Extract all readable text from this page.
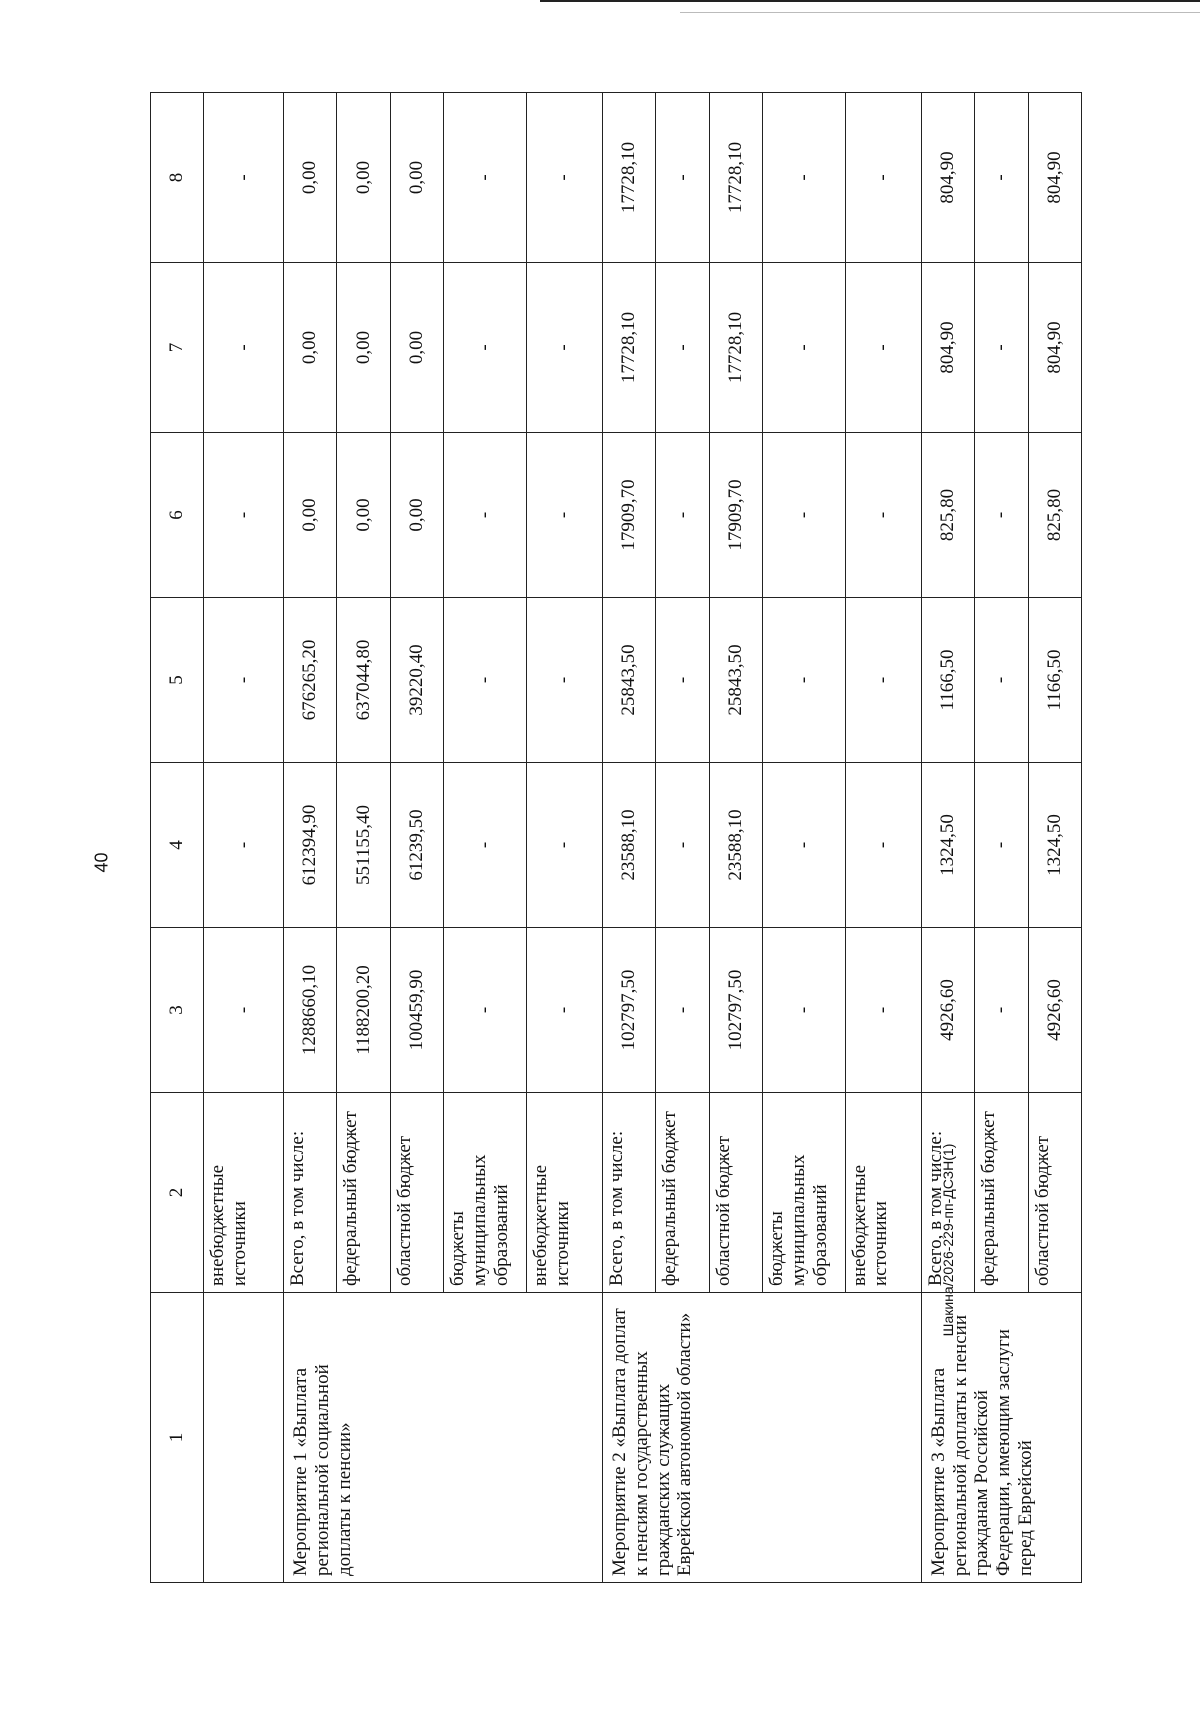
40
Шакина/2026-229-пп-ДСЗН(1)
1	2	3	4	5	6	7	8
	внебюджетные источники	-	-	-	-	-	-
Мероприятие 1 «Выплата региональной социальной доплаты к пенсии»	Всего, в том числе:	1288660,10	612394,90	676265,20	0,00	0,00	0,00
	федеральный бюджет	1188200,20	551155,40	637044,80	0,00	0,00	0,00
	областной бюджет	100459,90	61239,50	39220,40	0,00	0,00	0,00
	бюджеты муниципальных образований	-	-	-	-	-	-
	внебюджетные источники	-	-	-	-	-	-
Мероприятие 2 «Выплата доплат к пенсиям государственных гражданских служащих Еврейской автономной области»	Всего, в том числе:	102797,50	23588,10	25843,50	17909,70	17728,10	17728,10
	федеральный бюджет	-	-	-	-	-	-
	областной бюджет	102797,50	23588,10	25843,50	17909,70	17728,10	17728,10
	бюджеты муниципальных образований	-	-	-	-	-	-
	внебюджетные источники	-	-	-	-	-	-
Мероприятие 3 «Выплата региональной доплаты к пенсии гражданам Российской Федерации, имеющим заслуги перед Еврейской	Всего, в том числе:	4926,60	1324,50	1166,50	825,80	804,90	804,90
	федеральный бюджет	-	-	-	-	-	-
	областной бюджет	4926,60	1324,50	1166,50	825,80	804,90	804,90
